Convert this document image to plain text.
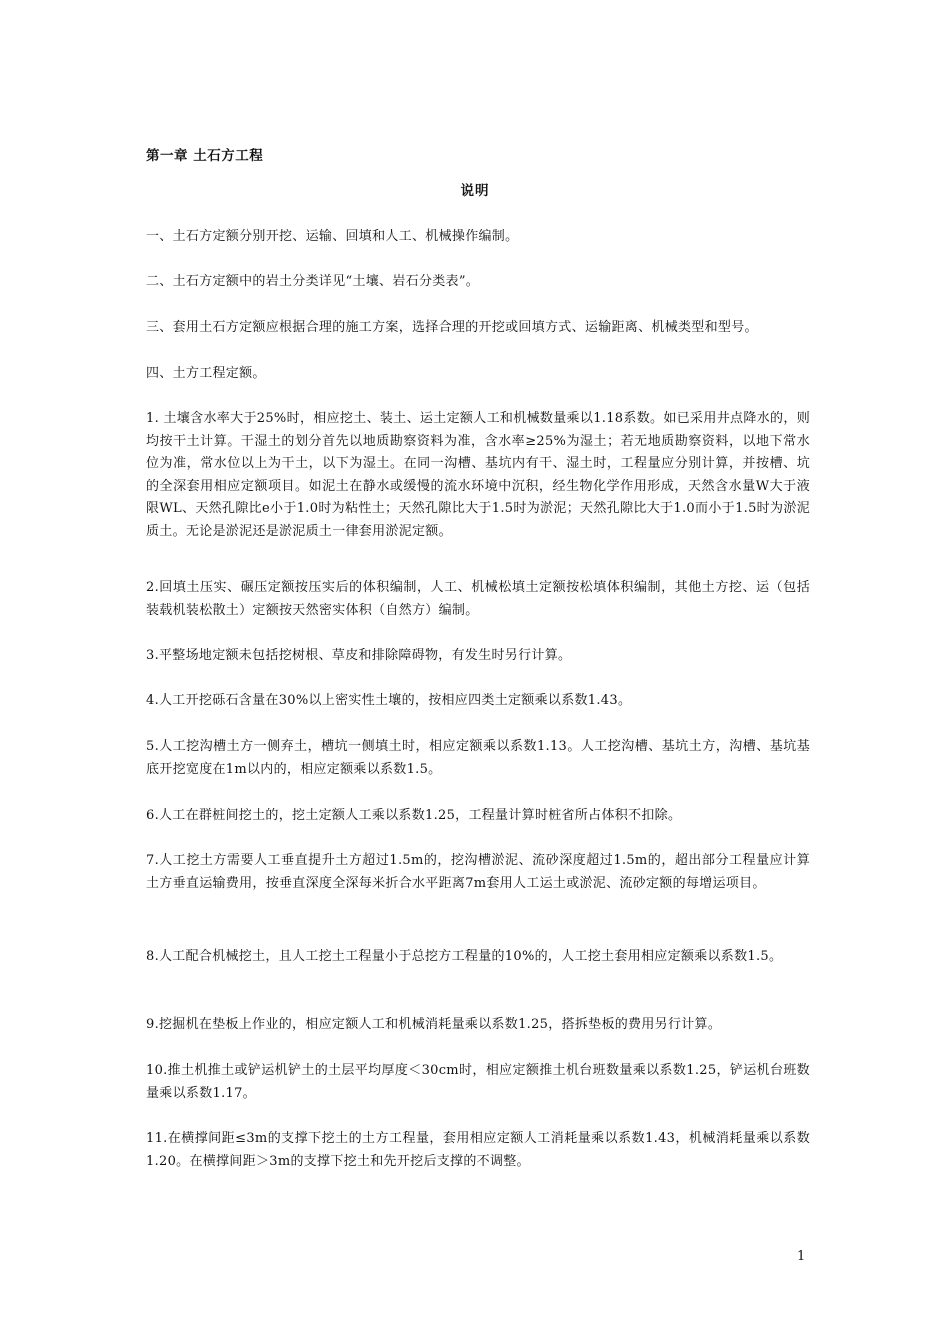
第一章 土石方工程
说明
一、土石方定额分别开挖、运输、回填和人工、机械操作编制。
二、土石方定额中的岩土分类详见“土壤、岩石分类表”。
三、套用土石方定额应根据合理的施工方案，选择合理的开挖或回填方式、运输距离、机械类型和型号。
四、土方工程定额。
1. 土壤含水率大于25%时，相应挖土、装土、运土定额人工和机械数量乘以1.18系数。如已采用井点降水的，则均按干土计算。干湿土的划分首先以地质勘察资料为准，含水率≥25%为湿土；若无地质勘察资料，以地下常水位为准，常水位以上为干土，以下为湿土。在同一沟槽、基坑内有干、湿土时，工程量应分别计算，并按槽、坑的全深套用相应定额项目。如泥土在静水或缓慢的流水环境中沉积，经生物化学作用形成，天然含水量W大于液限WL、天然孔隙比e小于1.0时为粘性土；天然孔隙比大于1.5时为淤泥；天然孔隙比大于1.0而小于1.5时为淤泥质土。无论是淤泥还是淤泥质土一律套用淤泥定额。
2.回填土压实、碾压定额按压实后的体积编制，人工、机械松填土定额按松填体积编制，其他土方挖、运（包括装载机装松散土）定额按天然密实体积（自然方）编制。
3.平整场地定额未包括挖树根、草皮和排除障碍物，有发生时另行计算。
4.人工开挖砾石含量在30%以上密实性土壤的，按相应四类土定额乘以系数1.43。
5.人工挖沟槽土方一侧弃土，槽坑一侧填土时，相应定额乘以系数1.13。人工挖沟槽、基坑土方，沟槽、基坑基底开挖宽度在1m以内的，相应定额乘以系数1.5。
6.人工在群桩间挖土的，挖土定额人工乘以系数1.25，工程量计算时桩省所占体积不扣除。
7.人工挖土方需要人工垂直提升土方超过1.5m的，挖沟槽淤泥、流砂深度超过1.5m的，超出部分工程量应计算土方垂直运输费用，按垂直深度全深每米折合水平距离7m套用人工运土或淤泥、流砂定额的每增运项目。
8.人工配合机械挖土，且人工挖土工程量小于总挖方工程量的10%的，人工挖土套用相应定额乘以系数1.5。
9.挖掘机在垫板上作业的，相应定额人工和机械消耗量乘以系数1.25，搭拆垫板的费用另行计算。
10.推土机推土或铲运机铲土的土层平均厚度＜30cm时，相应定额推土机台班数量乘以系数1.25，铲运机台班数量乘以系数1.17。
11.在横撑间距≤3m的支撑下挖土的土方工程量，套用相应定额人工消耗量乘以系数1.43，机械消耗量乘以系数1.20。在横撑间距＞3m的支撑下挖土和先开挖后支撑的不调整。
1
